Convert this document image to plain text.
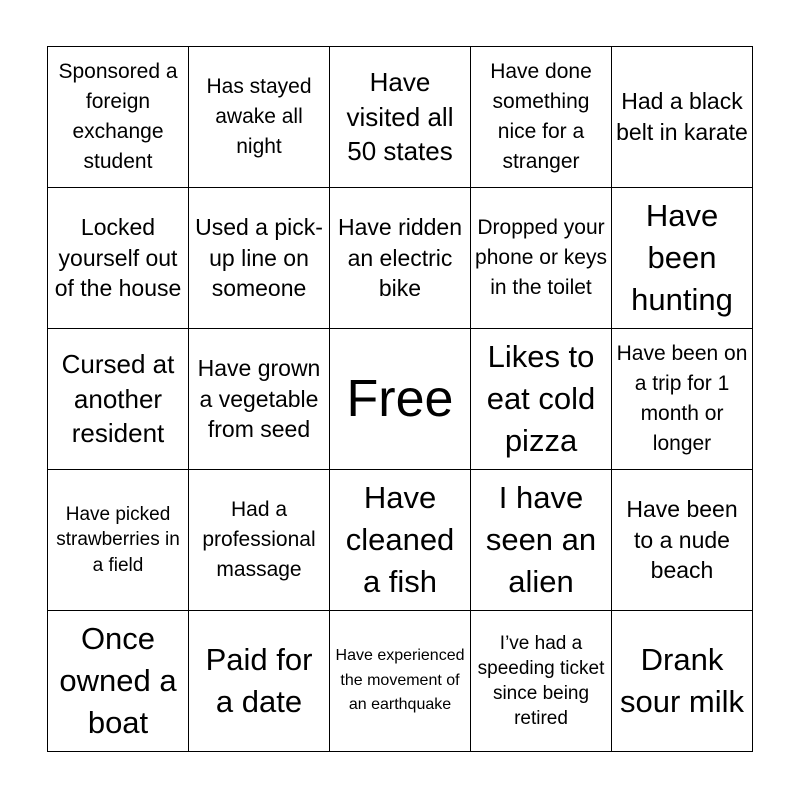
Sponsored a foreign exchange student
Has stayed awake all night
Have visited all 50 states
Have done something nice for a stranger
Had a black belt in karate
Locked yourself out of the house
Used a pick-up line on someone
Have ridden an electric bike
Dropped your phone or keys in the toilet
Have been hunting
Cursed at another resident
Have grown a vegetable from seed
Free
Likes to eat cold pizza
Have been on a trip for 1 month or longer
Have picked strawberries in a field
Had a professional massage
Have cleaned a fish
I have seen an alien
Have been to a nude beach
Once owned a boat
Paid for a date
Have experienced the movement of an earthquake
I’ve had a speeding ticket since being retired
Drank sour milk
